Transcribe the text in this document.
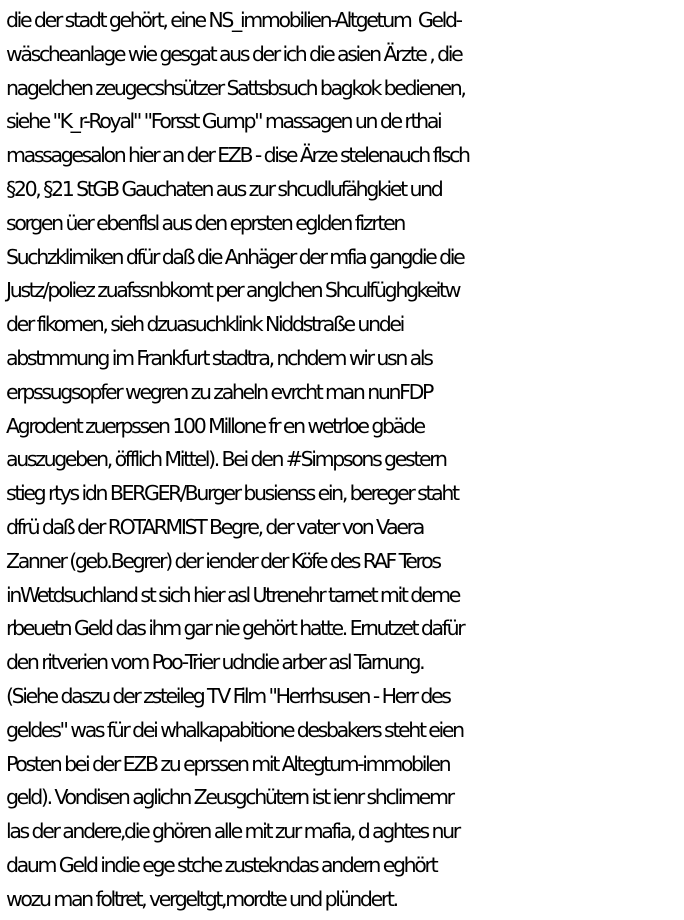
die der stadt gehört, eine NS_immobilien-Altgetum  Geld-
wäscheanlage wie gesgat aus der ich die asien Ärzte , die
nagelchen zeugecshsützer Sattsbsuch bagkok bedienen,
siehe "K_r-Royal" "Forsst Gump" massagen un de rthai
massagesalon hier an der EZB - dise Ärze stelenauch flsch
§20, §21 StGB Gauchaten aus zur shcudlufähgkiet und
sorgen üer ebenflsl aus den eprsten eglden fizrten
Suchzklimiken dfür daß die Anhäger der mfia gangdie die
Justz/poliez zuafssnbkomt per anglchen Shculfüghgkeitw
der fikomen, sieh dzuasuchklink Niddstraße undei
abstmmung im Frankfurt stadtra, nchdem wir usn als
erpssugsopfer wegren zu zaheln evrcht man nunFDP
Agrodent zuerpssen 100 Millone fr en wetrloe gbäde
auszugeben, öfflich Mittel). Bei den #Simpsons gestern
stieg rtys idn BERGER/Burger busienss ein, bereger staht
dfrü daß der ROTARMIST Begre, der vater von Vaera
Zanner (geb.Begrer) der iender der Köfe des RAF Teros
inWetdsuchland st sich hier asl Utrenehr tarnet mit deme
rbeuetn Geld das ihm gar nie gehört hatte. Ernutzet dafür
den ritverien vom Poo-Trier udndie arber asl Tarnung.
(Siehe daszu der zsteileg TV Film "Herrhsusen - Herr des
geldes" was für dei whalkapabitione desbakers steht eien
Posten bei der EZB zu eprssen mit Altegtum-immobilen
geld). Vondisen aglichn Zeusgchütern ist ienr shclimemr
las der andere,die ghören alle mit zur mafia, d aghtes nur
daum Geld indie ege stche zustekndas andern eghört
wozu man foltret, vergeltgt,mordte und plündert.
